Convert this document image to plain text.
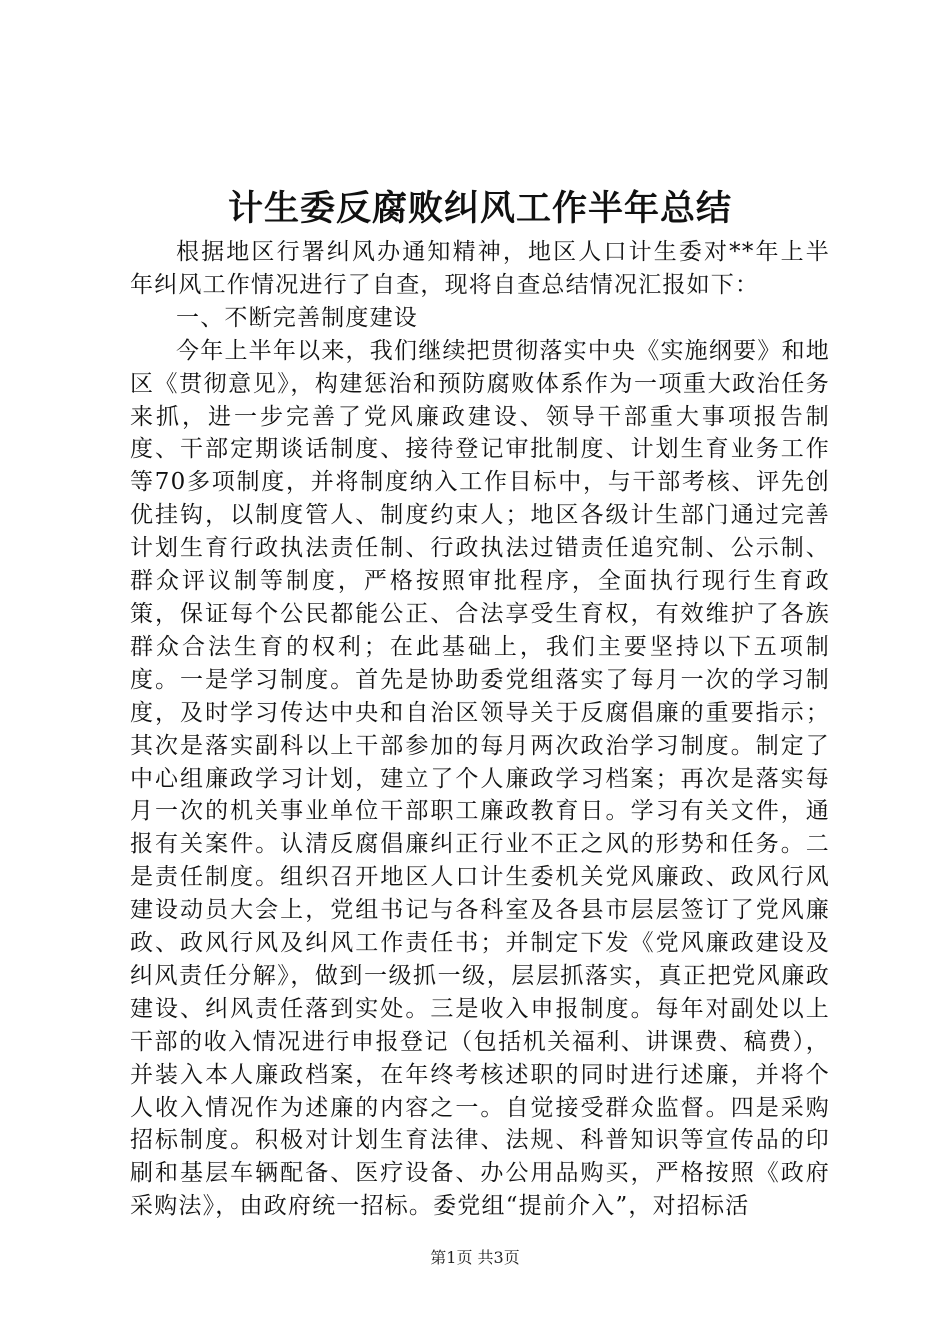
计生委反腐败纠风工作半年总结

根据地区行署纠风办通知精神，地区人口计生委对**年上半年纠风工作情况进行了自查，现将自查总结情况汇报如下：

一、不断完善制度建设

今年上半年以来，我们继续把贯彻落实中央《实施纲要》和地区《贯彻意见》，构建惩治和预防腐败体系作为一项重大政治任务来抓，进一步完善了党风廉政建设、领导干部重大事项报告制度、干部定期谈话制度、接待登记审批制度、计划生育业务工作等70多项制度，并将制度纳入工作目标中，与干部考核、评先创优挂钩，以制度管人、制度约束人；地区各级计生部门通过完善计划生育行政执法责任制、行政执法过错责任追究制、公示制、群众评议制等制度，严格按照审批程序，全面执行现行生育政策，保证每个公民都能公正、合法享受生育权，有效维护了各族群众合法生育的权利；在此基础上，我们主要坚持以下五项制度。一是学习制度。首先是协助委党组落实了每月一次的学习制度，及时学习传达中央和自治区领导关于反腐倡廉的重要指示；其次是落实副科以上干部参加的每月两次政治学习制度。制定了中心组廉政学习计划，建立了个人廉政学习档案；再次是落实每月一次的机关事业单位干部职工廉政教育日。学习有关文件，通报有关案件。认清反腐倡廉纠正行业不正之风的形势和任务。二是责任制度。组织召开地区人口计生委机关党风廉政、政风行风建设动员大会上，党组书记与各科室及各县市层层签订了党风廉政、政风行风及纠风工作责任书；并制定下发《党风廉政建设及纠风责任分解》，做到一级抓一级，层层抓落实，真正把党风廉政建设、纠风责任落到实处。三是收入申报制度。每年对副处以上干部的收入情况进行申报登记（包括机关福利、讲课费、稿费），并装入本人廉政档案，在年终考核述职的同时进行述廉，并将个人收入情况作为述廉的内容之一。自觉接受群众监督。四是采购招标制度。积极对计划生育法律、法规、科普知识等宣传品的印刷和基层车辆配备、医疗设备、办公用品购买，严格按照《政府采购法》，由政府统一招标。委党组“提前介入”，对招标活

第1页 共3页
